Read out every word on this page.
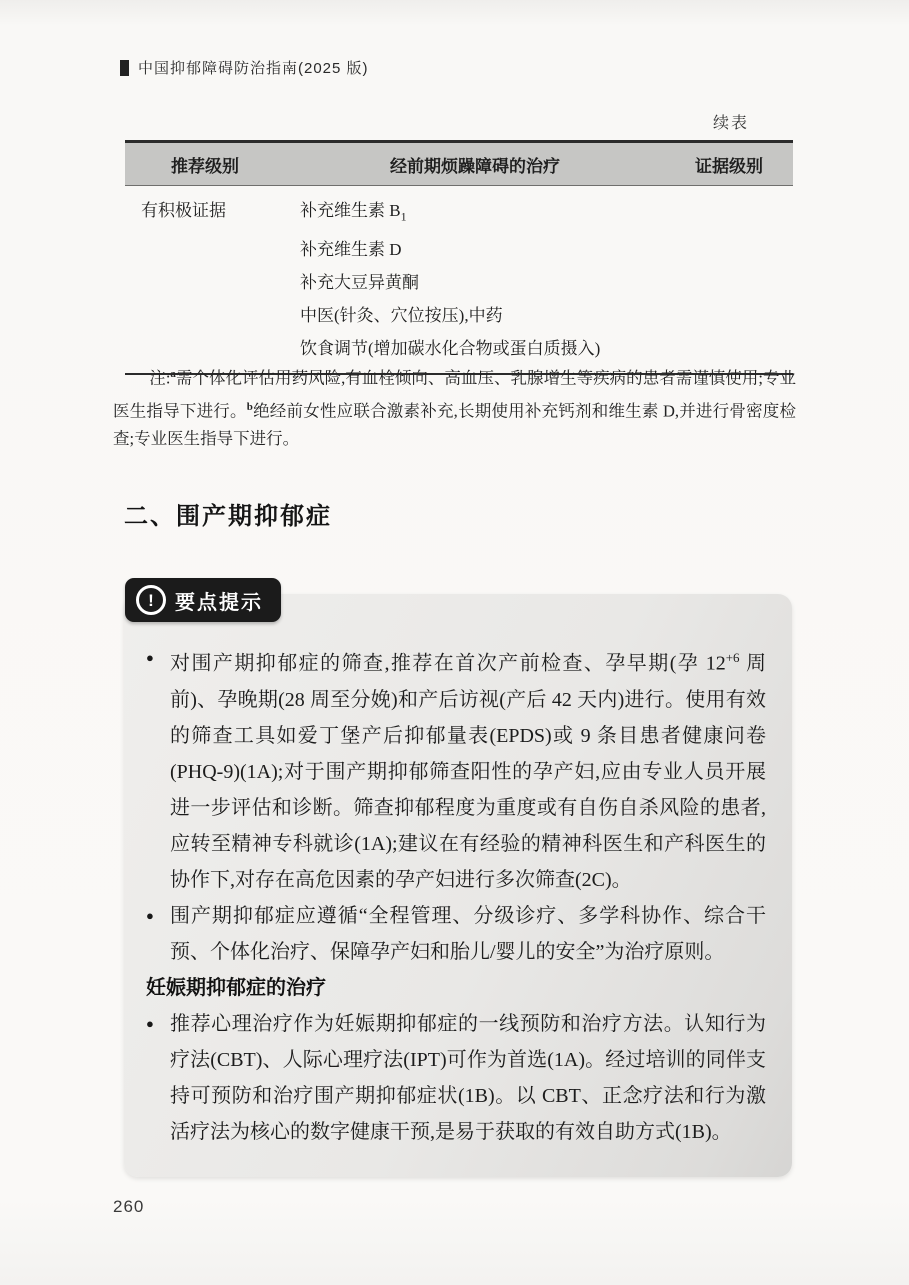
中国抑郁障碍防治指南(2025 版)
续表
推荐级别	经前期烦躁障碍的治疗	证据级别
有积极证据	补充维生素 $B_1$
补充维生素 D
补充大豆异黄酮
中医(针灸、穴位按压),中药
饮食调节(增加碳水化合物或蛋白质摄入)
注:$^a$需个体化评估用药风险,有血栓倾向、高血压、乳腺增生等疾病的患者需谨慎使用;专业医生指导下进行。$^b$绝经前女性应联合激素补充,长期使用补充钙剂和维生素 D,并进行骨密度检查;专业医生指导下进行。
二、围产期抑郁症
!	要点提示
● 对围产期抑郁症的筛查,推荐在首次产前检查、孕早期(孕 $12^{+6}$ 周前)、孕晚期(28 周至分娩)和产后访视(产后 42 天内)进行。使用有效的筛查工具如爱丁堡产后抑郁量表(EPDS)或 9 条目患者健康问卷(PHQ-9)(1A);对于围产期抑郁筛查阳性的孕产妇,应由专业人员开展进一步评估和诊断。筛查抑郁程度为重度或有自伤自杀风险的患者,应转至精神专科就诊(1A);建议在有经验的精神科医生和产科医生的协作下,对存在高危因素的孕产妇进行多次筛查(2C)。
● 围产期抑郁症应遵循“全程管理、分级诊疗、多学科协作、综合干预、个体化治疗、保障孕产妇和胎儿/婴儿的安全”为治疗原则。
妊娠期抑郁症的治疗
● 推荐心理治疗作为妊娠期抑郁症的一线预防和治疗方法。认知行为疗法(CBT)、人际心理疗法(IPT)可作为首选(1A)。经过培训的同伴支持可预防和治疗围产期抑郁症状(1B)。以 CBT、正念疗法和行为激活疗法为核心的数字健康干预,是易于获取的有效自助方式(1B)。
260
